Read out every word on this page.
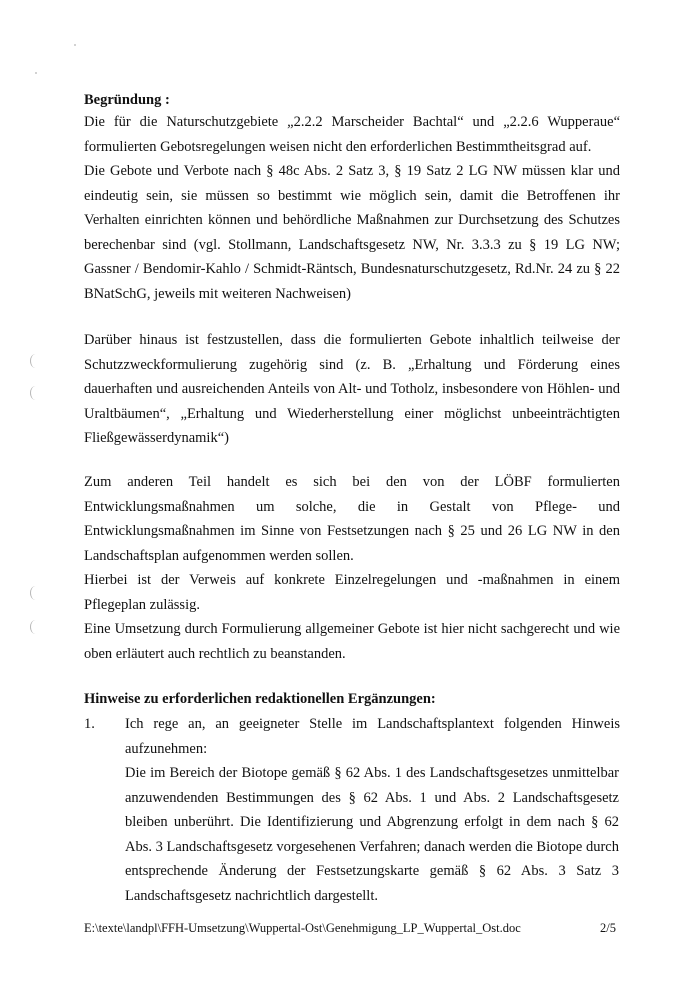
Begründung :

Die für die Naturschutzgebiete „2.2.2 Marscheider Bachtal“ und „2.2.6 Wupperaue“ formulierten Gebotsregelungen weisen nicht den erforderlichen Bestimmtheitsgrad auf.

Die Gebote und Verbote nach § 48c Abs. 2 Satz 3, § 19 Satz 2 LG NW müssen klar und eindeutig sein, sie müssen so bestimmt wie möglich sein, damit die Betroffenen ihr Verhalten einrichten können und behördliche Maßnahmen zur Durchsetzung des Schutzes berechenbar sind (vgl. Stollmann, Landschaftsgesetz NW, Nr. 3.3.3 zu § 19 LG NW; Gassner / Bendomir-Kahlo / Schmidt-Räntsch, Bundesnaturschutzgesetz, Rd.Nr. 24 zu § 22 BNatSchG, jeweils mit weiteren Nachweisen)

Darüber hinaus ist festzustellen, dass die formulierten Gebote inhaltlich teilweise der Schutzzweckformulierung zugehörig sind (z. B. „Erhaltung und Förderung eines dauerhaften und ausreichenden Anteils von Alt- und Totholz, insbesondere von Höhlen- und Uraltbäumen“, „Erhaltung und Wiederherstellung einer möglichst unbeeinträchtigten Fließgewässerdynamik“)

Zum anderen Teil handelt es sich bei den von der LÖBF formulierten Entwicklungsmaßnahmen um solche, die in Gestalt von Pflege- und Entwicklungsmaßnahmen im Sinne von Festsetzungen nach § 25 und 26 LG NW in den Landschaftsplan aufgenommen werden sollen.

Hierbei ist der Verweis auf konkrete Einzelregelungen und -maßnahmen in einem Pflegeplan zulässig.

Eine Umsetzung durch Formulierung allgemeiner Gebote ist hier nicht sachgerecht und wie oben erläutert auch rechtlich zu beanstanden.

Hinweise zu erforderlichen redaktionellen Ergänzungen:
1. Ich rege an, an geeigneter Stelle im Landschaftsplantext folgenden Hinweis aufzunehmen:
Die im Bereich der Biotope gemäß § 62 Abs. 1 des Landschaftsgesetzes unmittelbar anzuwendenden Bestimmungen des § 62 Abs. 1 und Abs. 2 Landschaftsgesetz bleiben unberührt. Die Identifizierung und Abgrenzung erfolgt in dem nach § 62 Abs. 3 Landschaftsgesetz vorgesehenen Verfahren; danach werden die Biotope durch entsprechende Änderung der Festsetzungskarte gemäß § 62 Abs. 3 Satz 3 Landschaftsgesetz nachrichtlich dargestellt.
E:\texte\landpl\FFH-Umsetzung\Wuppertal-Ost\Genehmigung_LP_Wuppertal_Ost.doc	2/5
